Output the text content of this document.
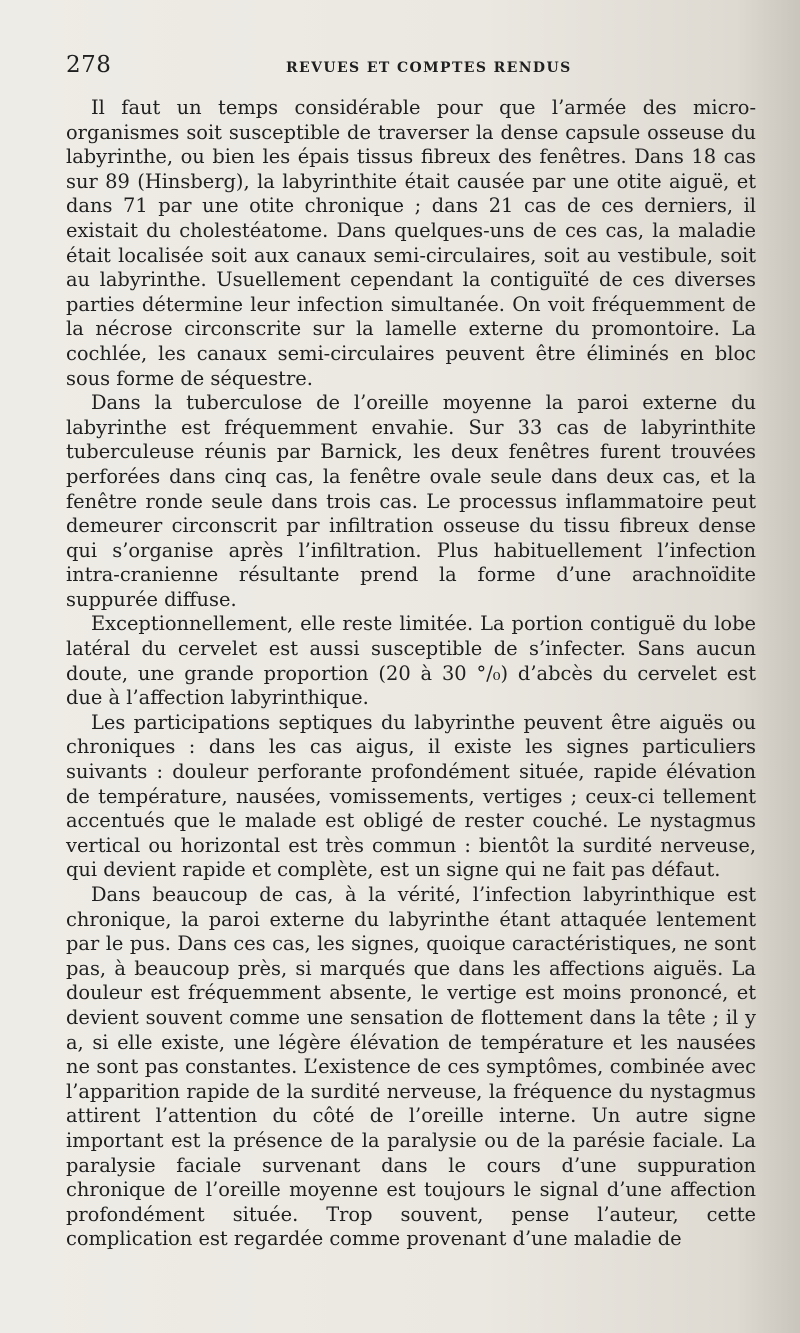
278	REVUES ET COMPTES RENDUS

Il faut un temps considérable pour que l’armée des micro-organismes soit susceptible de traverser la dense capsule osseuse du labyrinthe, ou bien les épais tissus fibreux des fenêtres. Dans 18 cas sur 89 (Hinsberg), la labyrinthite était causée par une otite aiguë, et dans 71 par une otite chronique ; dans 21 cas de ces derniers, il existait du cholestéatome. Dans quelques-uns de ces cas, la maladie était localisée soit aux canaux semi-circulaires, soit au vestibule, soit au labyrinthe. Usuellement cependant la contiguïté de ces diverses parties détermine leur infection simultanée. On voit fréquemment de la nécrose circonscrite sur la lamelle externe du promontoire. La cochlée, les canaux semi-circulaires peuvent être éliminés en bloc sous forme de séquestre.

Dans la tuberculose de l’oreille moyenne la paroi externe du labyrinthe est fréquemment envahie. Sur 33 cas de labyrinthite tuberculeuse réunis par Barnick, les deux fenêtres furent trouvées perforées dans cinq cas, la fenêtre ovale seule dans deux cas, et la fenêtre ronde seule dans trois cas. Le processus inflammatoire peut demeurer circonscrit par infiltration osseuse du tissu fibreux dense qui s’organise après l’infiltration. Plus habituellement l’infection intra-cranienne résultante prend la forme d’une arachnoïdite suppurée diffuse.

Exceptionnellement, elle reste limitée. La portion contiguë du lobe latéral du cervelet est aussi susceptible de s’infecter. Sans aucun doute, une grande proportion (20 à 30 °/₀) d’abcès du cervelet est due à l’affection labyrinthique.

Les participations septiques du labyrinthe peuvent être aiguës ou chroniques : dans les cas aigus, il existe les signes particuliers suivants : douleur perforante profondément située, rapide élévation de température, nausées, vomissements, vertiges ; ceux-ci tellement accentués que le malade est obligé de rester couché. Le nystagmus vertical ou horizontal est très commun : bientôt la surdité nerveuse, qui devient rapide et complète, est un signe qui ne fait pas défaut.

Dans beaucoup de cas, à la vérité, l’infection labyrinthique est chronique, la paroi externe du labyrinthe étant attaquée lentement par le pus. Dans ces cas, les signes, quoique caractéristiques, ne sont pas, à beaucoup près, si marqués que dans les affections aiguës. La douleur est fréquemment absente, le vertige est moins prononcé, et devient souvent comme une sensation de flottement dans la tête ; il y a, si elle existe, une légère élévation de température et les nausées ne sont pas constantes. L’existence de ces symptômes, combinée avec l’apparition rapide de la surdité nerveuse, la fréquence du nystagmus attirent l’attention du côté de l’oreille interne. Un autre signe important est la présence de la paralysie ou de la parésie faciale. La paralysie faciale survenant dans le cours d’une suppuration chronique de l’oreille moyenne est toujours le signal d’une affection profondément située. Trop souvent, pense l’auteur, cette complication est regardée comme provenant d’une maladie de
